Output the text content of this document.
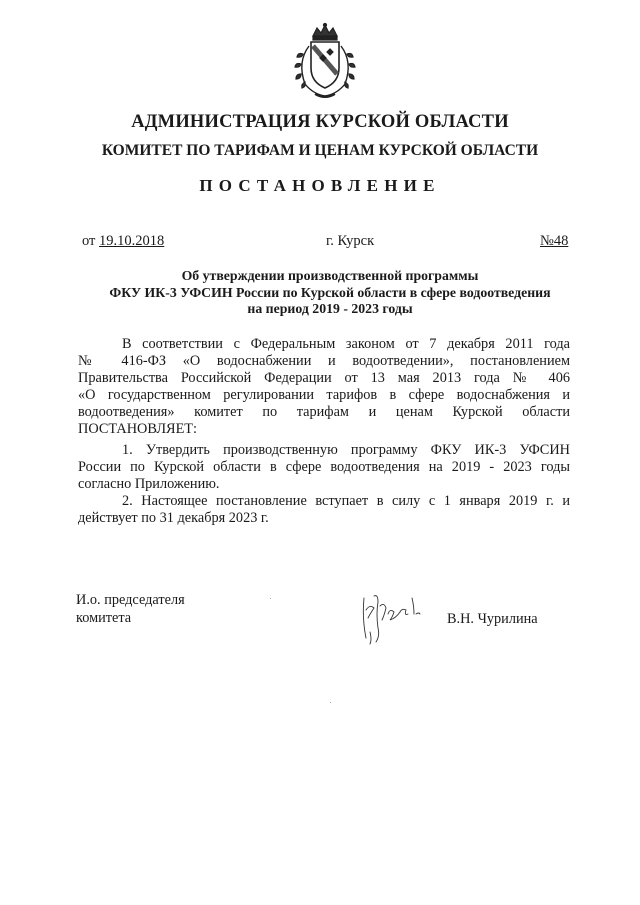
АДМИНИСТРАЦИЯ КУРСКОЙ ОБЛАСТИ
КОМИТЕТ ПО ТАРИФАМ И ЦЕНАМ КУРСКОЙ ОБЛАСТИ
ПОСТАНОВЛЕНИЕ
от 19.10.2018	г. Курск	№48
Об утверждении производственной программы
ФКУ ИК-3 УФСИН России по Курской области в сфере водоотведения
на период 2019 - 2023 годы
В соответствии с Федеральным законом от 7 декабря 2011 года
№ 416-ФЗ «О водоснабжении и водоотведении», постановлением
Правительства Российской Федерации от 13 мая 2013 года № 406
«О государственном регулировании тарифов в сфере водоснабжения и
водоотведения» комитет по тарифам и ценам Курской области
ПОСТАНОВЛЯЕТ:
1. Утвердить производственную программу ФКУ ИК-3 УФСИН
России по Курской области в сфере водоотведения на 2019 - 2023 годы
согласно Приложению.
2. Настоящее постановление вступает в силу с 1 января 2019 г. и
действует по 31 декабря 2023 г.
И.о. председателя
комитета	В.Н. Чурилина
